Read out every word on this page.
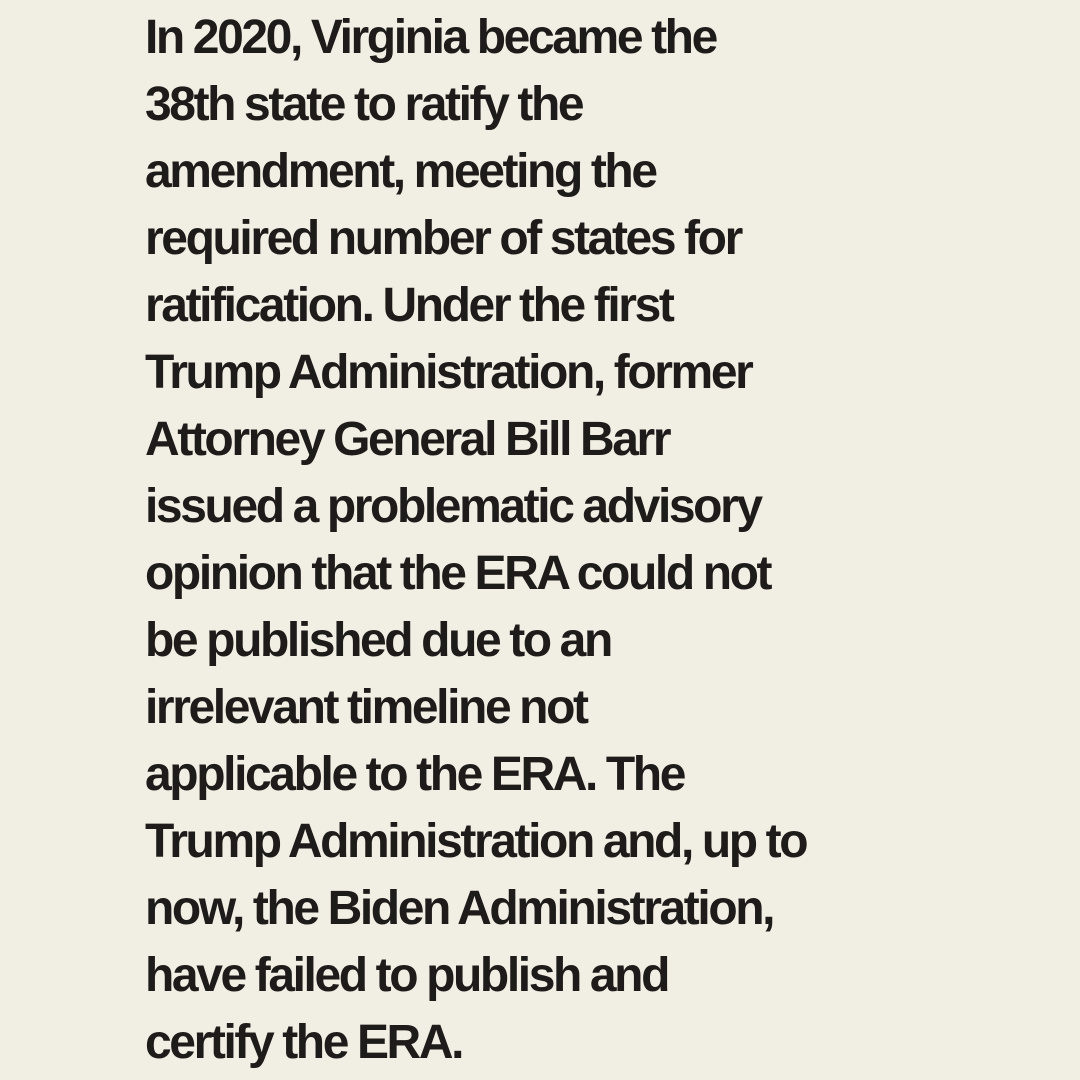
In 2020, Virginia became the
38th state to ratify the
amendment, meeting the
required number of states for
ratification. Under the first
Trump Administration, former
Attorney General Bill Barr
issued a problematic advisory
opinion that the ERA could not
be published due to an
irrelevant timeline not
applicable to the ERA. The
Trump Administration and, up to
now, the Biden Administration,
have failed to publish and
certify the ERA.
